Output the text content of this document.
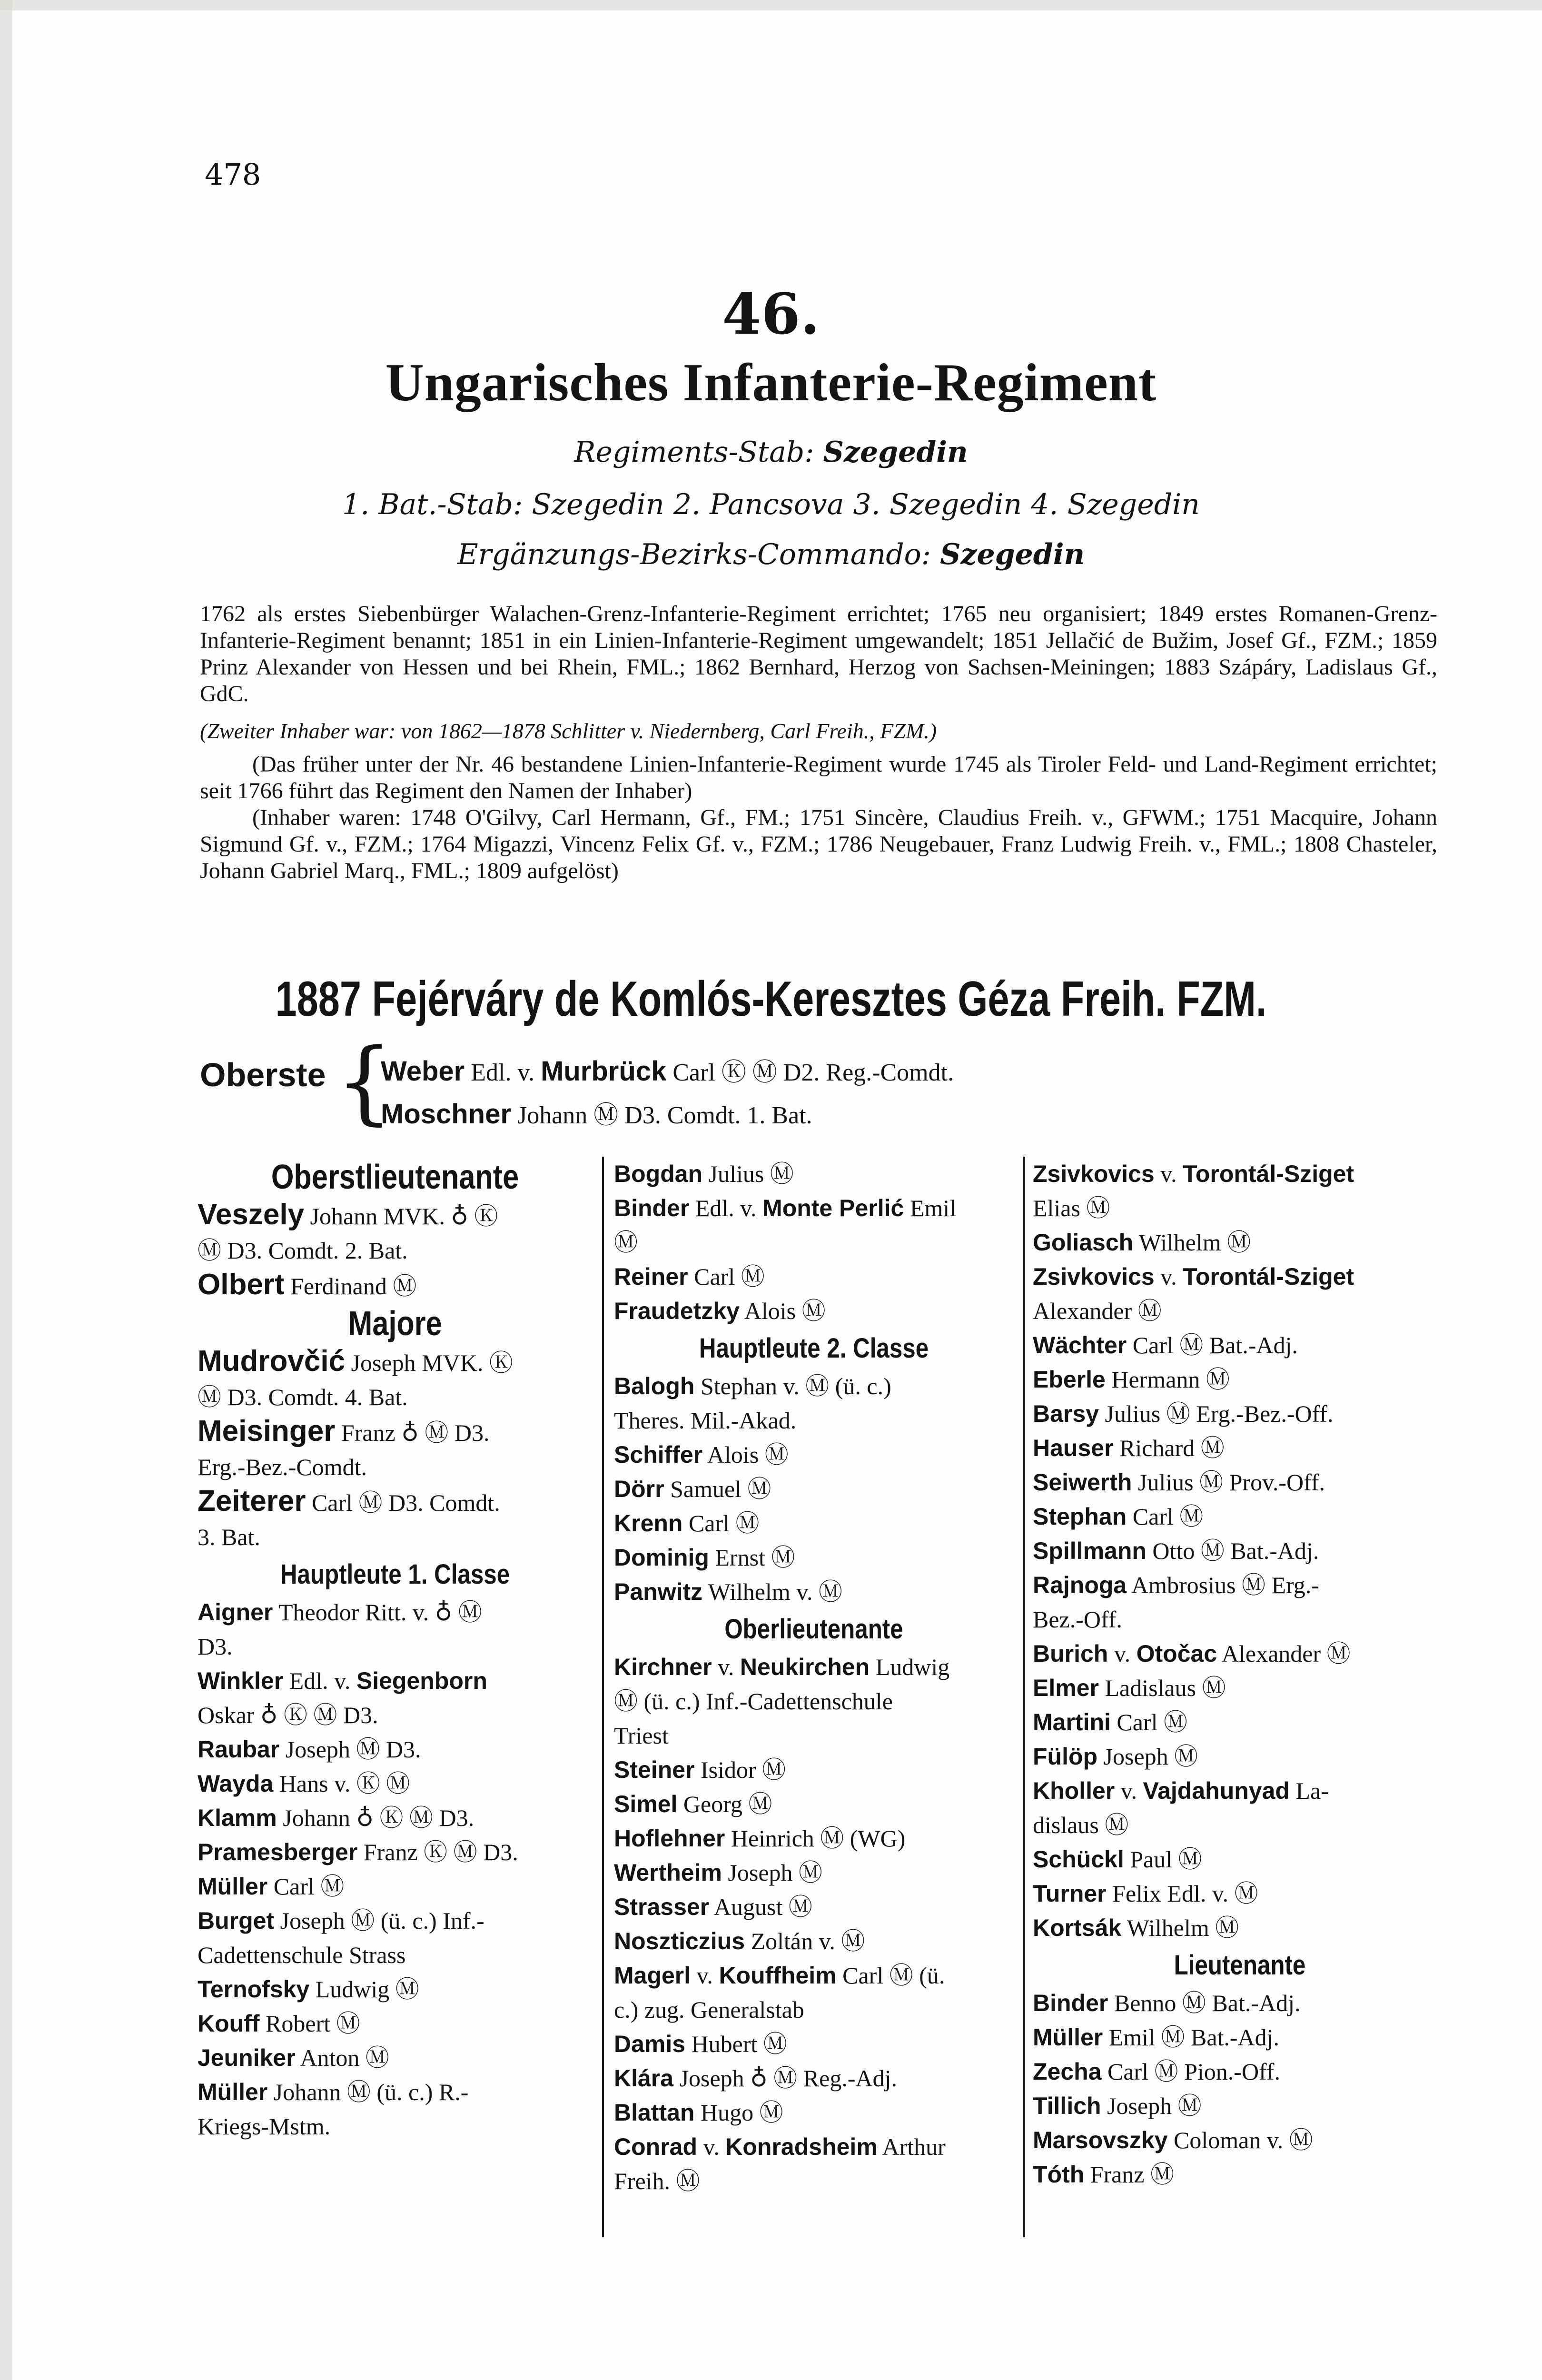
478
46.
Ungarisches Infanterie-Regiment
Regiments-Stab: Szegedin
1. Bat.-Stab: Szegedin 2. Pancsova 3. Szegedin 4. Szegedin
Ergänzungs-Bezirks-Commando: Szegedin

1762 als erstes Siebenbürger Walachen-Grenz-Infanterie-Regiment errichtet; 1765 neu organisiert; 1849 erstes Romanen-Grenz-Infanterie-Regiment benannt; 1851 in ein Linien-Infanterie-Regiment umgewandelt; 1851 Jellačić de Bužim, Josef Gf., FZM.; 1859 Prinz Alexander von Hessen und bei Rhein, FML.; 1862 Bernhard, Herzog von Sachsen-Meiningen; 1883 Szápáry, Ladislaus Gf., GdC.

(Zweiter Inhaber war: von 1862—1878 Schlitter v. Niedernberg, Carl Freih., FZM.)

(Das früher unter der Nr. 46 bestandene Linien-Infanterie-Regiment wurde 1745 als Tiroler Feld- und Land-Regiment errichtet; seit 1766 führt das Regiment den Namen der Inhaber)

(Inhaber waren: 1748 O'Gilvy, Carl Hermann, Gf., FM.; 1751 Sincère, Claudius Freih. v., GFWM.; 1751 Macquire, Johann Sigmund Gf. v., FZM.; 1764 Migazzi, Vincenz Felix Gf. v., FZM.; 1786 Neugebauer, Franz Ludwig Freih. v., FML.; 1808 Chasteler, Johann Gabriel Marq., FML.; 1809 aufgelöst)

1887 Fejérváry de Komlós-Keresztes Géza Freih. FZM.
Oberste {
Weber Edl. v. Murbrück Carl Ⓚ Ⓜ D2. Reg.-Comdt.
Moschner Johann Ⓜ D3. Comdt. 1. Bat.
Oberstlieutenante
Veszely Johann MVK. ♁ Ⓚ
Ⓜ D3. Comdt. 2. Bat.
Olbert Ferdinand Ⓜ
Majore
Mudrovčić Joseph MVK. Ⓚ
Ⓜ D3. Comdt. 4. Bat.
Meisinger Franz ♁ Ⓜ D3.
Erg.-Bez.-Comdt.
Zeiterer Carl Ⓜ D3. Comdt.
3. Bat.
Hauptleute 1. Classe
Aigner Theodor Ritt. v. ♁ Ⓜ
D3.
Winkler Edl. v. Siegenborn
Oskar ♁ Ⓚ Ⓜ D3.
Raubar Joseph Ⓜ D3.
Wayda Hans v. Ⓚ Ⓜ
Klamm Johann ♁ Ⓚ Ⓜ D3.
Pramesberger Franz Ⓚ Ⓜ D3.
Müller Carl Ⓜ
Burget Joseph Ⓜ (ü. c.) Inf.-
Cadettenschule Strass
Ternofsky Ludwig Ⓜ
Kouff Robert Ⓜ
Jeuniker Anton Ⓜ
Müller Johann Ⓜ (ü. c.) R.-
Kriegs-Mstm.
Bogdan Julius Ⓜ
Binder Edl. v. Monte Perlić Emil
Ⓜ
Reiner Carl Ⓜ
Fraudetzky Alois Ⓜ
Hauptleute 2. Classe
Balogh Stephan v. Ⓜ (ü. c.)
Theres. Mil.-Akad.
Schiffer Alois Ⓜ
Dörr Samuel Ⓜ
Krenn Carl Ⓜ
Dominig Ernst Ⓜ
Panwitz Wilhelm v. Ⓜ
Oberlieutenante
Kirchner v. Neukirchen Ludwig
Ⓜ (ü. c.) Inf.-Cadettenschule
Triest
Steiner Isidor Ⓜ
Simel Georg Ⓜ
Hoflehner Heinrich Ⓜ (WG)
Wertheim Joseph Ⓜ
Strasser August Ⓜ
Noszticzius Zoltán v. Ⓜ
Magerl v. Kouffheim Carl Ⓜ (ü.
c.) zug. Generalstab
Damis Hubert Ⓜ
Klára Joseph ♁ Ⓜ Reg.-Adj.
Blattan Hugo Ⓜ
Conrad v. Konradsheim Arthur
Freih. Ⓜ
Zsivkovics v. Torontál-Sziget
Elias Ⓜ
Goliasch Wilhelm Ⓜ
Zsivkovics v. Torontál-Sziget
Alexander Ⓜ
Wächter Carl Ⓜ Bat.-Adj.
Eberle Hermann Ⓜ
Barsy Julius Ⓜ Erg.-Bez.-Off.
Hauser Richard Ⓜ
Seiwerth Julius Ⓜ Prov.-Off.
Stephan Carl Ⓜ
Spillmann Otto Ⓜ Bat.-Adj.
Rajnoga Ambrosius Ⓜ Erg.-
Bez.-Off.
Burich v. Otočac Alexander Ⓜ
Elmer Ladislaus Ⓜ
Martini Carl Ⓜ
Fülöp Joseph Ⓜ
Kholler v. Vajdahunyad La-
dislaus Ⓜ
Schückl Paul Ⓜ
Turner Felix Edl. v. Ⓜ
Kortsák Wilhelm Ⓜ
Lieutenante
Binder Benno Ⓜ Bat.-Adj.
Müller Emil Ⓜ Bat.-Adj.
Zecha Carl Ⓜ Pion.-Off.
Tillich Joseph Ⓜ
Marsovszky Coloman v. Ⓜ
Tóth Franz Ⓜ
